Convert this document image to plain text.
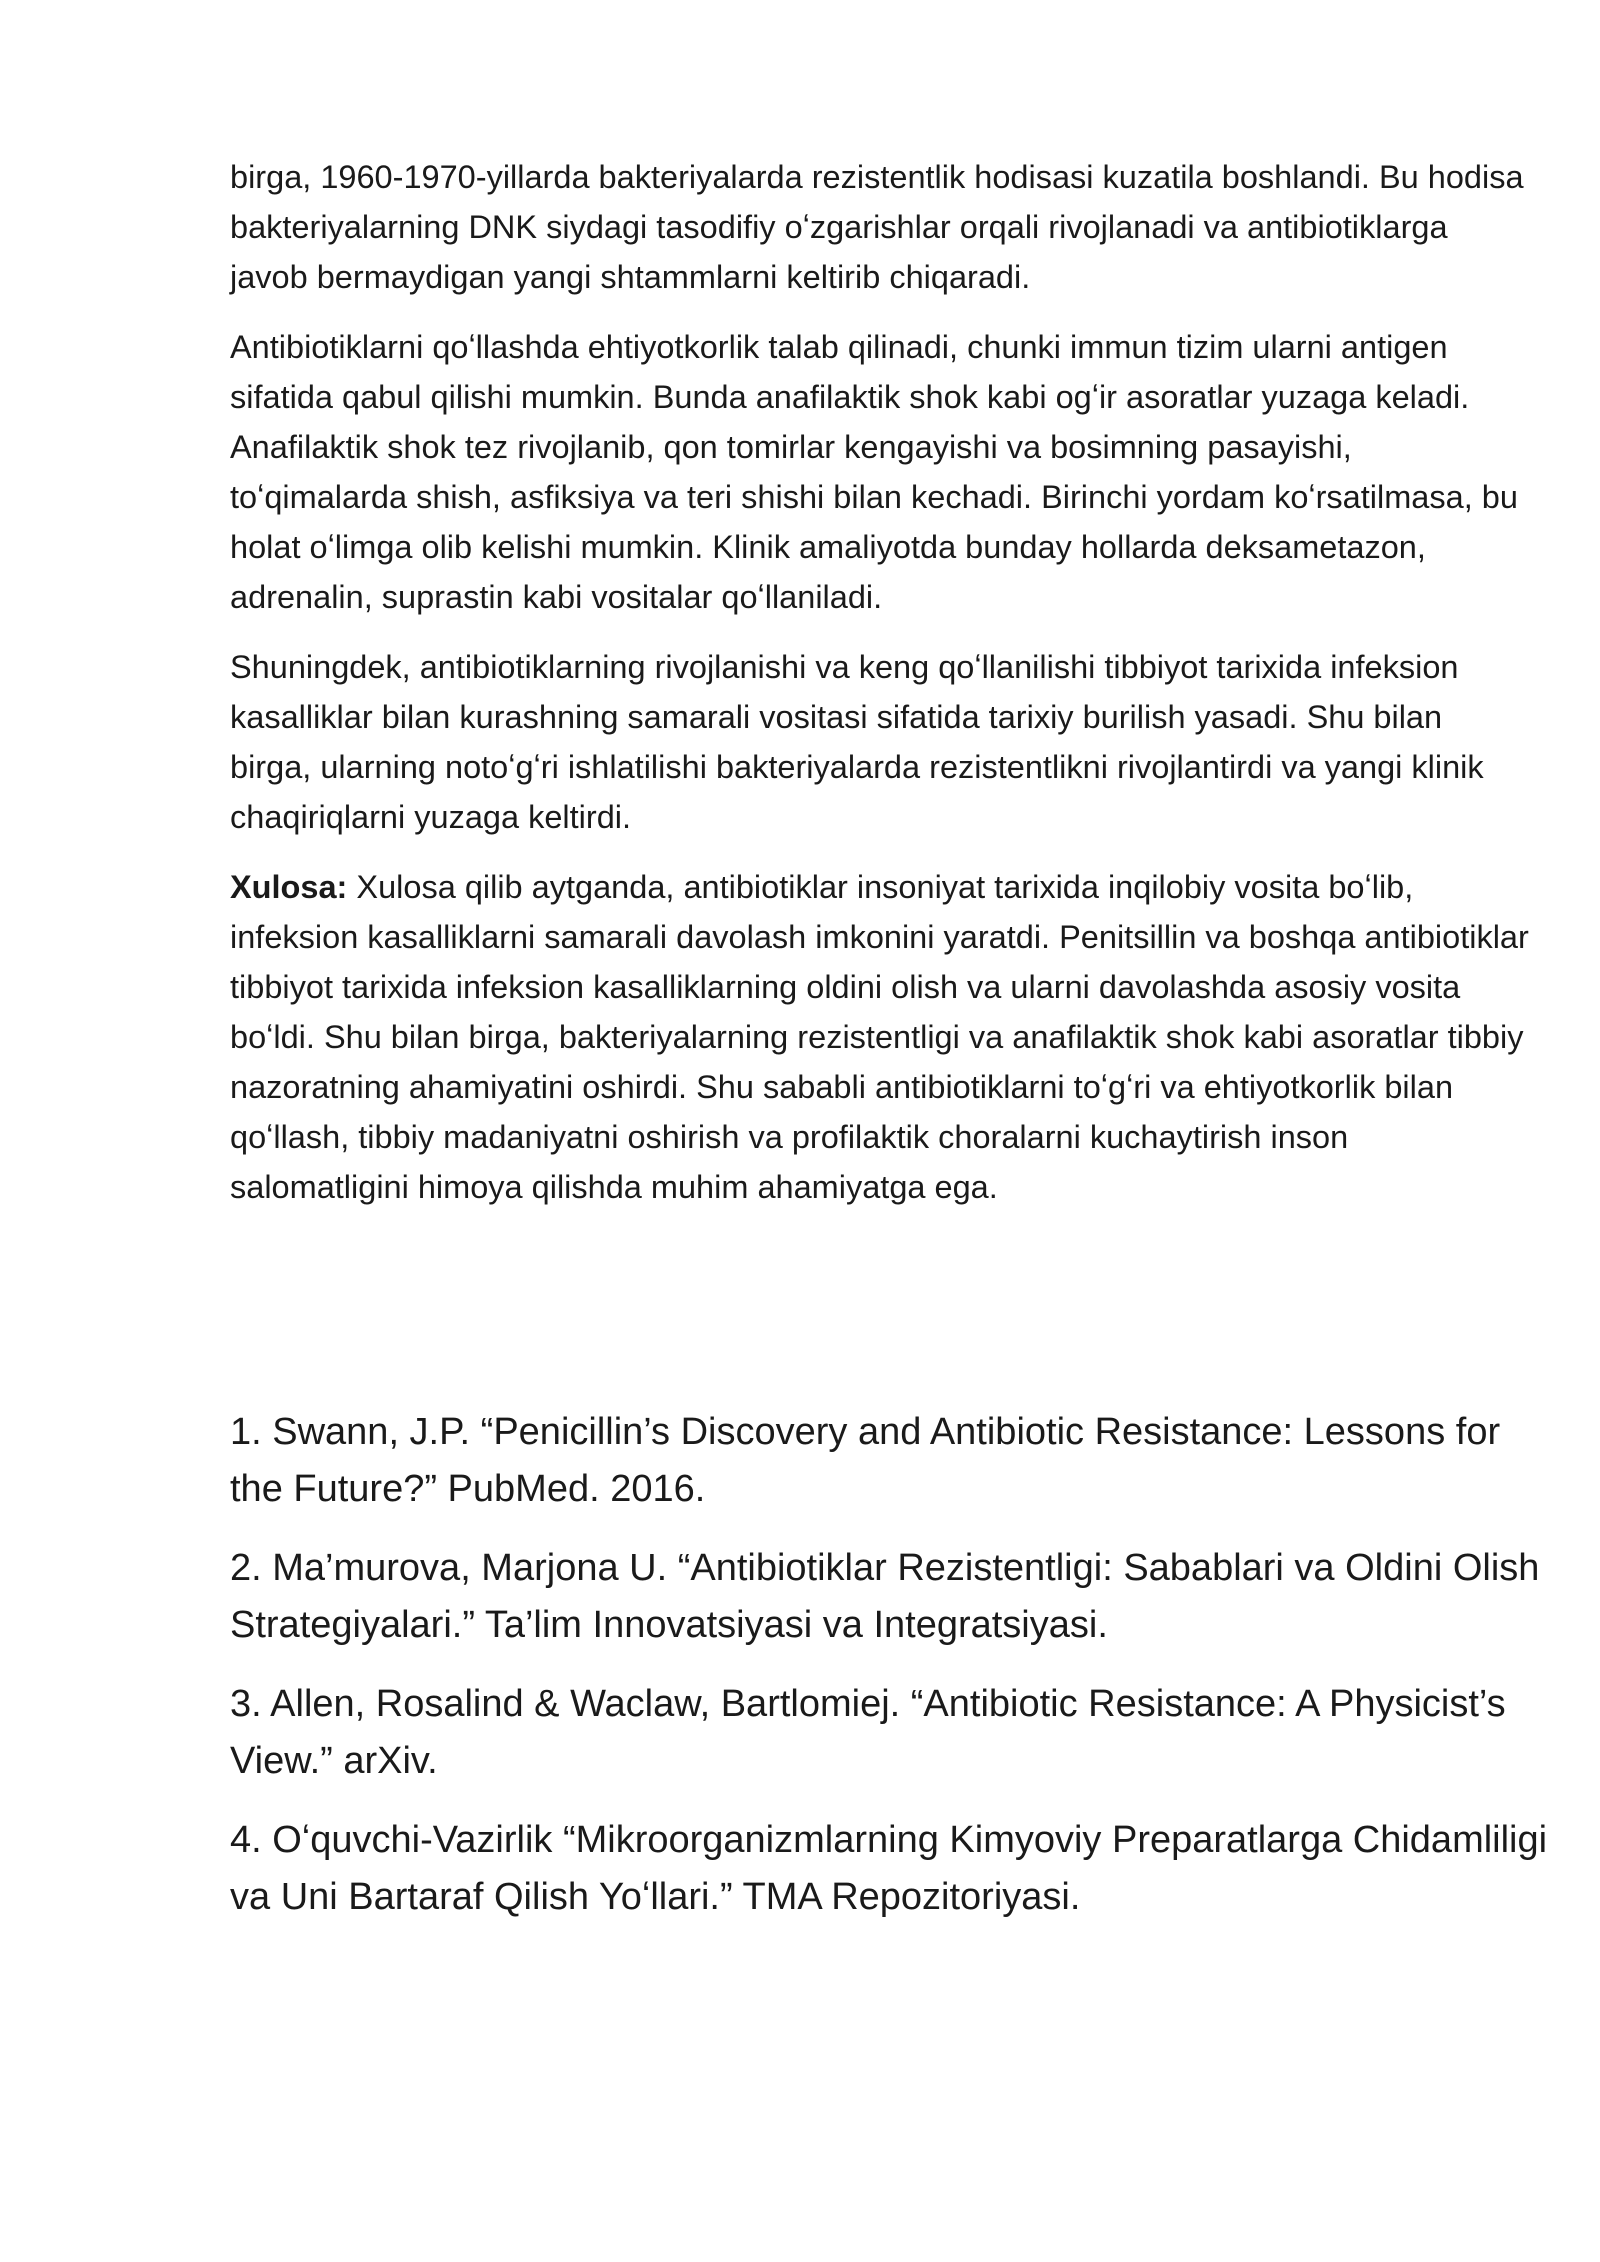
birga, 1960-1970-yillarda bakteriyalarda rezistentlik hodisasi kuzatila boshlandi. Bu hodisa bakteriyalarning DNK siydagi tasodifiy oʻzgarishlar orqali rivojlanadi va antibiotiklarga javob bermaydigan yangi shtammlarni keltirib chiqaradi.

Antibiotiklarni qoʻllashda ehtiyotkorlik talab qilinadi, chunki immun tizim ularni antigen sifatida qabul qilishi mumkin. Bunda anafilaktik shok kabi ogʻir asoratlar yuzaga keladi. Anafilaktik shok tez rivojlanib, qon tomirlar kengayishi va bosimning pasayishi, toʻqimalarda shish, asfiksiya va teri shishi bilan kechadi. Birinchi yordam koʻrsatilmasa, bu holat oʻlimga olib kelishi mumkin. Klinik amaliyotda bunday hollarda deksametazon, adrenalin, suprastin kabi vositalar qoʻllaniladi.

Shuningdek, antibiotiklarning rivojlanishi va keng qoʻllanilishi tibbiyot tarixida infeksion kasalliklar bilan kurashning samarali vositasi sifatida tarixiy burilish yasadi. Shu bilan birga, ularning notoʻgʻri ishlatilishi bakteriyalarda rezistentlikni rivojlantirdi va yangi klinik chaqiriqlarni yuzaga keltirdi.

Xulosa: Xulosa qilib aytganda, antibiotiklar insoniyat tarixida inqilobiy vosita boʻlib, infeksion kasalliklarni samarali davolash imkonini yaratdi. Penitsillin va boshqa antibiotiklar tibbiyot tarixida infeksion kasalliklarning oldini olish va ularni davolashda asosiy vosita boʻldi. Shu bilan birga, bakteriyalarning rezistentligi va anafilaktik shok kabi asoratlar tibbiy nazoratning ahamiyatini oshirdi. Shu sababli antibiotiklarni toʻgʻri va ehtiyotkorlik bilan qoʻllash, tibbiy madaniyatni oshirish va profilaktik choralarni kuchaytirish inson salomatligini himoya qilishda muhim ahamiyatga ega.

1. Swann, J.P. “Penicillin’s Discovery and Antibiotic Resistance: Lessons for the Future?” PubMed. 2016.

2. Ma’murova, Marjona U. “Antibiotiklar Rezistentligi: Sabablari va Oldini Olish Strategiyalari.” Ta’lim Innovatsiyasi va Integratsiyasi.

3. Allen, Rosalind & Waclaw, Bartlomiej. “Antibiotic Resistance: A Physicist’s View.” arXiv.

4. Oʻquvchi-Vazirlik “Mikroorganizmlarning Kimyoviy Preparatlarga Chidamliligi va Uni Bartaraf Qilish Yoʻllari.” TMA Repozitoriyasi.
